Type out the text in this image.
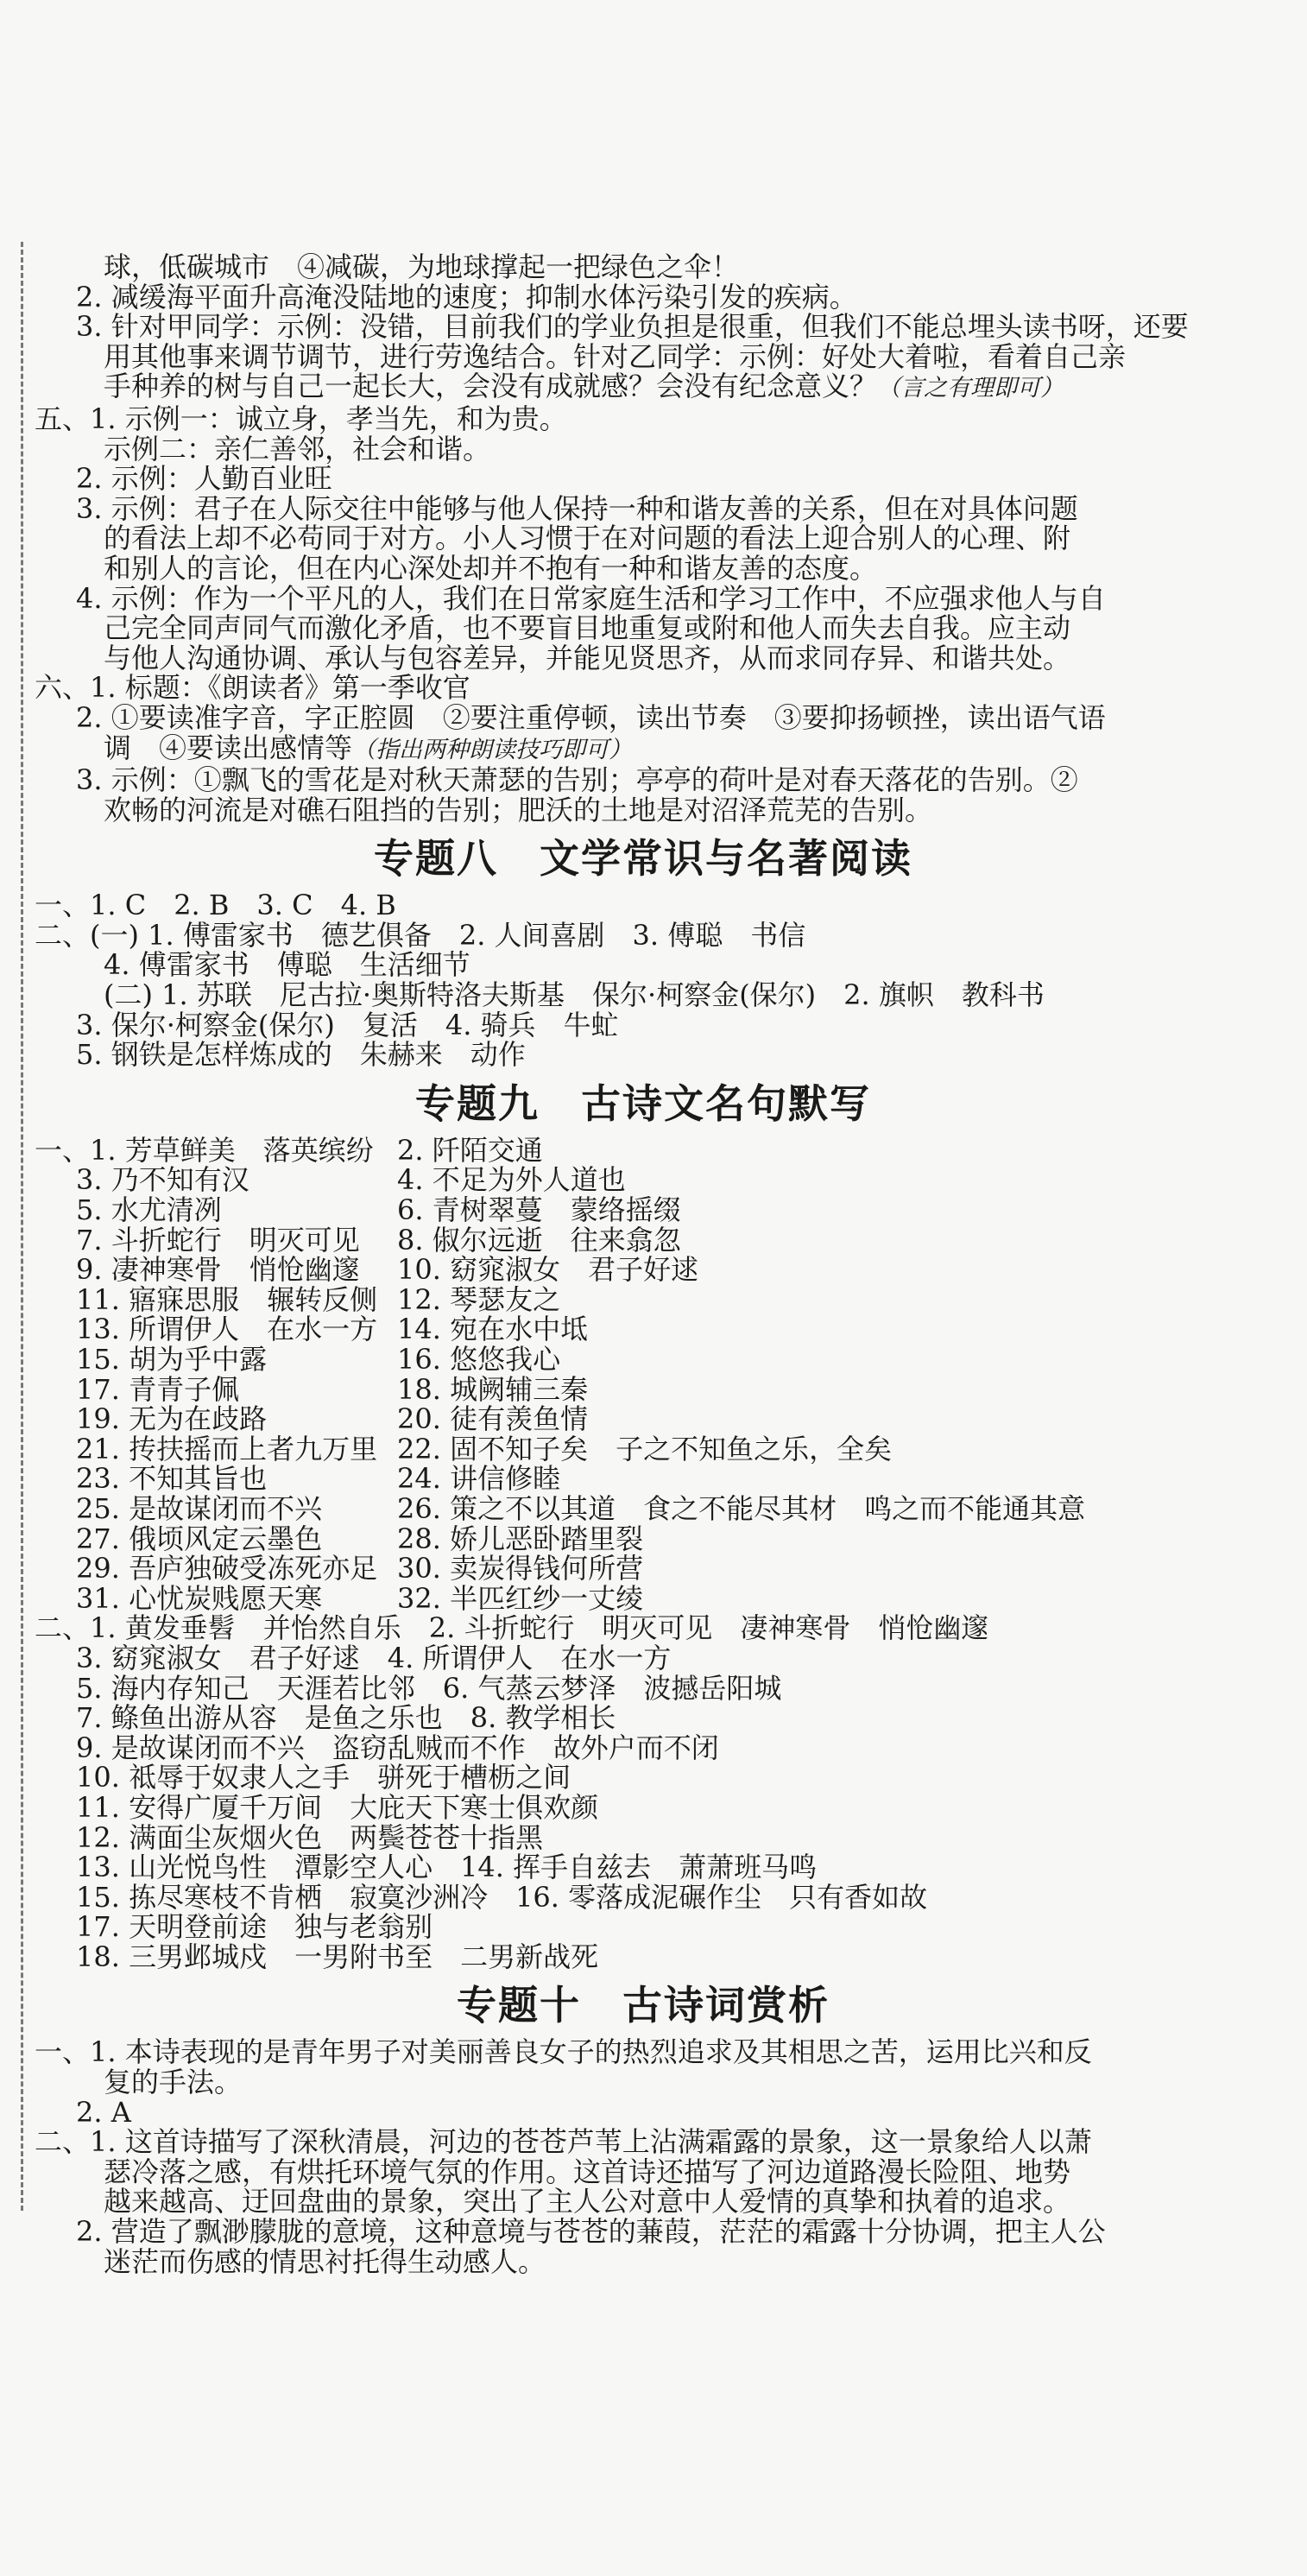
球，低碳城市　④减碳，为地球撑起一把绿色之伞！
2. 减缓海平面升高淹没陆地的速度；抑制水体污染引发的疾病。
3. 针对甲同学：示例：没错，目前我们的学业负担是很重，但我们不能总埋头读书呀，还要
用其他事来调节调节，进行劳逸结合。针对乙同学：示例：好处大着啦，看着自己亲
手种养的树与自己一起长大，会没有成就感？会没有纪念意义？（言之有理即可）
五、1. 示例一：诚立身，孝当先，和为贵。
示例二：亲仁善邻，社会和谐。
2. 示例：人勤百业旺
3. 示例：君子在人际交往中能够与他人保持一种和谐友善的关系，但在对具体问题
的看法上却不必苟同于对方。小人习惯于在对问题的看法上迎合别人的心理、附
和别人的言论，但在内心深处却并不抱有一种和谐友善的态度。
4. 示例：作为一个平凡的人，我们在日常家庭生活和学习工作中，不应强求他人与自
己完全同声同气而激化矛盾，也不要盲目地重复或附和他人而失去自我。应主动
与他人沟通协调、承认与包容差异，并能见贤思齐，从而求同存异、和谐共处。
六、1. 标题：《朗读者》第一季收官
2. ①要读准字音，字正腔圆　②要注重停顿，读出节奏　③要抑扬顿挫，读出语气语
调　④要读出感情等（指出两种朗读技巧即可）
3. 示例：①飘飞的雪花是对秋天萧瑟的告别；亭亭的荷叶是对春天落花的告别。②
欢畅的河流是对礁石阻挡的告别；肥沃的土地是对沼泽荒芜的告别。
专题八　文学常识与名著阅读
一、1. C　2. B　3. C　4. B
二、(一) 1. 傅雷家书　德艺俱备　2. 人间喜剧　3. 傅聪　书信
4. 傅雷家书　傅聪　生活细节
(二) 1. 苏联　尼古拉·奥斯特洛夫斯基　保尔·柯察金(保尔)　2. 旗帜　教科书
3. 保尔·柯察金(保尔)　复活　4. 骑兵　牛虻
5. 钢铁是怎样炼成的　朱赫来　动作
专题九　古诗文名句默写
一、1. 芳草鲜美　落英缤纷 2. 阡陌交通
3. 乃不知有汉	4. 不足为外人道也
5. 水尤清冽	6. 青树翠蔓　蒙络摇缀
7. 斗折蛇行　明灭可见	8. 俶尔远逝　往来翕忽
9. 凄神寒骨　悄怆幽邃	10. 窈窕淑女　君子好逑
11. 寤寐思服　辗转反侧 12. 琴瑟友之
13. 所谓伊人　在水一方 14. 宛在水中坻
15. 胡为乎中露	16. 悠悠我心
17. 青青子佩	18. 城阙辅三秦
19. 无为在歧路	20. 徒有羡鱼情
21. 抟扶摇而上者九万里 22. 固不知子矣　子之不知鱼之乐，全矣
23. 不知其旨也	24. 讲信修睦
25. 是故谋闭而不兴	26. 策之不以其道　食之不能尽其材　鸣之而不能通其意
27. 俄顷风定云墨色	28. 娇儿恶卧踏里裂
29. 吾庐独破受冻死亦足 30. 卖炭得钱何所营
31. 心忧炭贱愿天寒	32. 半匹红纱一丈绫
二、1. 黄发垂髫　并怡然自乐　2. 斗折蛇行　明灭可见　凄神寒骨　悄怆幽邃
3. 窈窕淑女　君子好逑　4. 所谓伊人　在水一方
5. 海内存知己　天涯若比邻　6. 气蒸云梦泽　波撼岳阳城
7. 鲦鱼出游从容　是鱼之乐也　8. 教学相长
9. 是故谋闭而不兴　盗窃乱贼而不作　故外户而不闭
10. 祗辱于奴隶人之手　骈死于槽枥之间
11. 安得广厦千万间　大庇天下寒士俱欢颜
12. 满面尘灰烟火色　两鬓苍苍十指黑
13. 山光悦鸟性　潭影空人心　14. 挥手自兹去　萧萧班马鸣
15. 拣尽寒枝不肯栖　寂寞沙洲冷　16. 零落成泥碾作尘　只有香如故
17. 天明登前途　独与老翁别
18. 三男邺城戍　一男附书至　二男新战死
专题十　古诗词赏析
一、1. 本诗表现的是青年男子对美丽善良女子的热烈追求及其相思之苦，运用比兴和反
复的手法。
2. A
二、1. 这首诗描写了深秋清晨，河边的苍苍芦苇上沾满霜露的景象，这一景象给人以萧
瑟冷落之感，有烘托环境气氛的作用。这首诗还描写了河边道路漫长险阻、地势
越来越高、迂回盘曲的景象，突出了主人公对意中人爱情的真挚和执着的追求。
2. 营造了飘渺朦胧的意境，这种意境与苍苍的蒹葭，茫茫的霜露十分协调，把主人公
迷茫而伤感的情思衬托得生动感人。
